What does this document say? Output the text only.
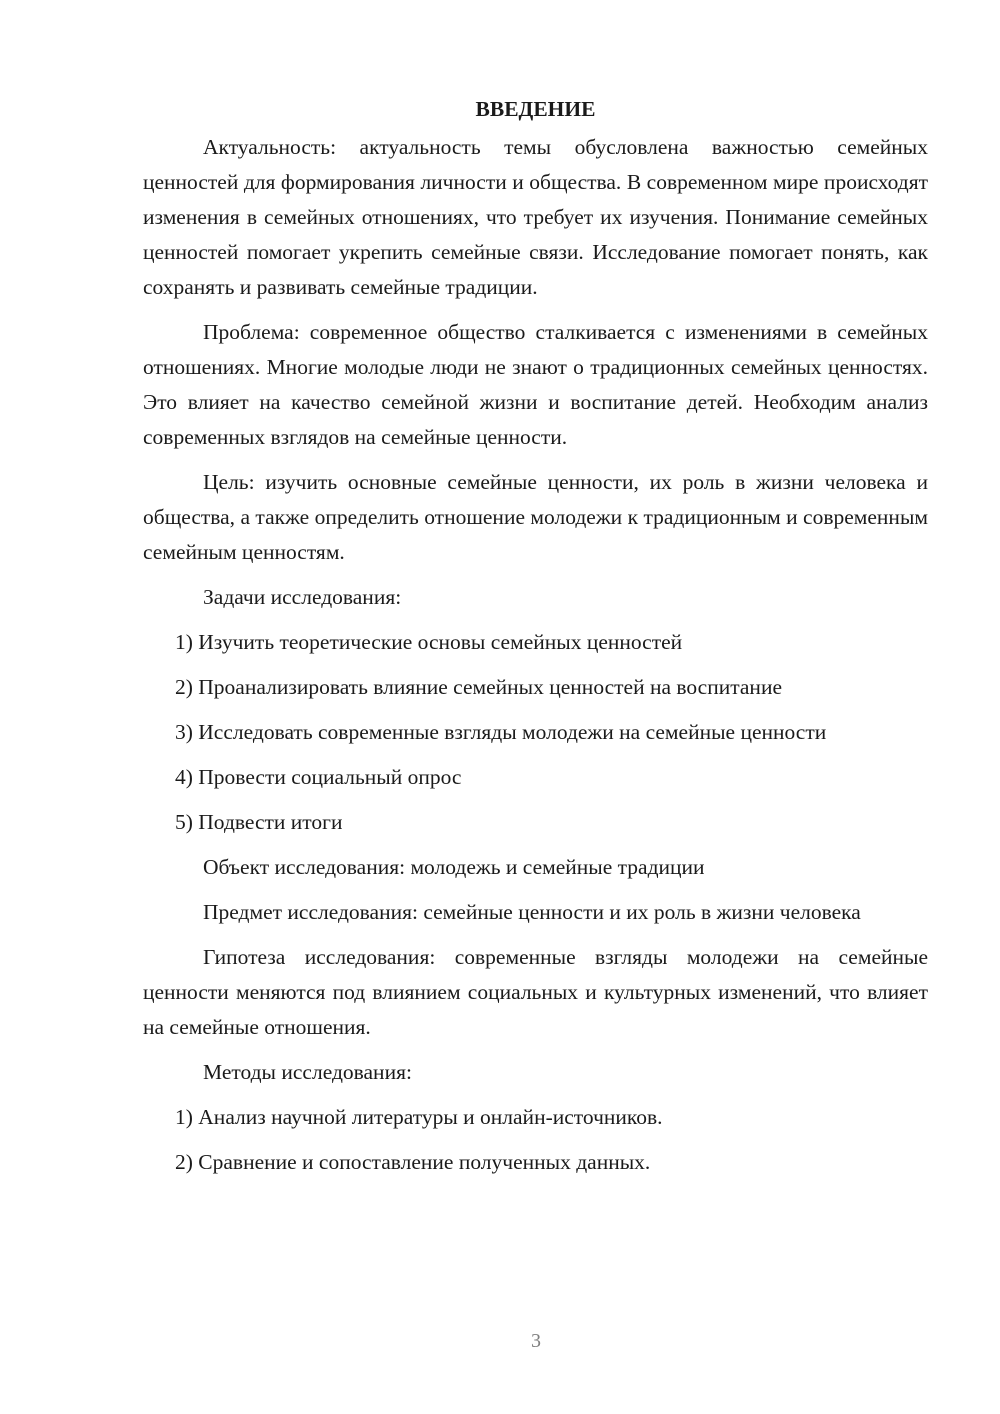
ВВЕДЕНИЕ

Актуальность: актуальность темы обусловлена важностью семейных ценностей для формирования личности и общества. В современном мире происходят изменения в семейных отношениях, что требует их изучения. Понимание семейных ценностей помогает укрепить семейные связи. Исследование помогает понять, как сохранять и развивать семейные традиции.

Проблема: современное общество сталкивается с изменениями в семейных отношениях. Многие молодые люди не знают о традиционных семейных ценностях. Это влияет на качество семейной жизни и воспитание детей. Необходим анализ современных взглядов на семейные ценности.

Цель: изучить основные семейные ценности, их роль в жизни человека и общества, а также определить отношение молодежи к традиционным и современным семейным ценностям.

Задачи исследования:

1) Изучить теоретические основы семейных ценностей

2) Проанализировать влияние семейных ценностей на воспитание

3) Исследовать современные взгляды молодежи на семейные ценности

4) Провести социальный опрос

5) Подвести итоги

Объект исследования: молодежь и семейные традиции

Предмет исследования: семейные ценности и их роль в жизни человека

Гипотеза исследования: современные взгляды молодежи на семейные ценности меняются под влиянием социальных и культурных изменений, что влияет на семейные отношения.

Методы исследования:

1) Анализ научной литературы и онлайн-источников.

2) Сравнение и сопоставление полученных данных.

3
